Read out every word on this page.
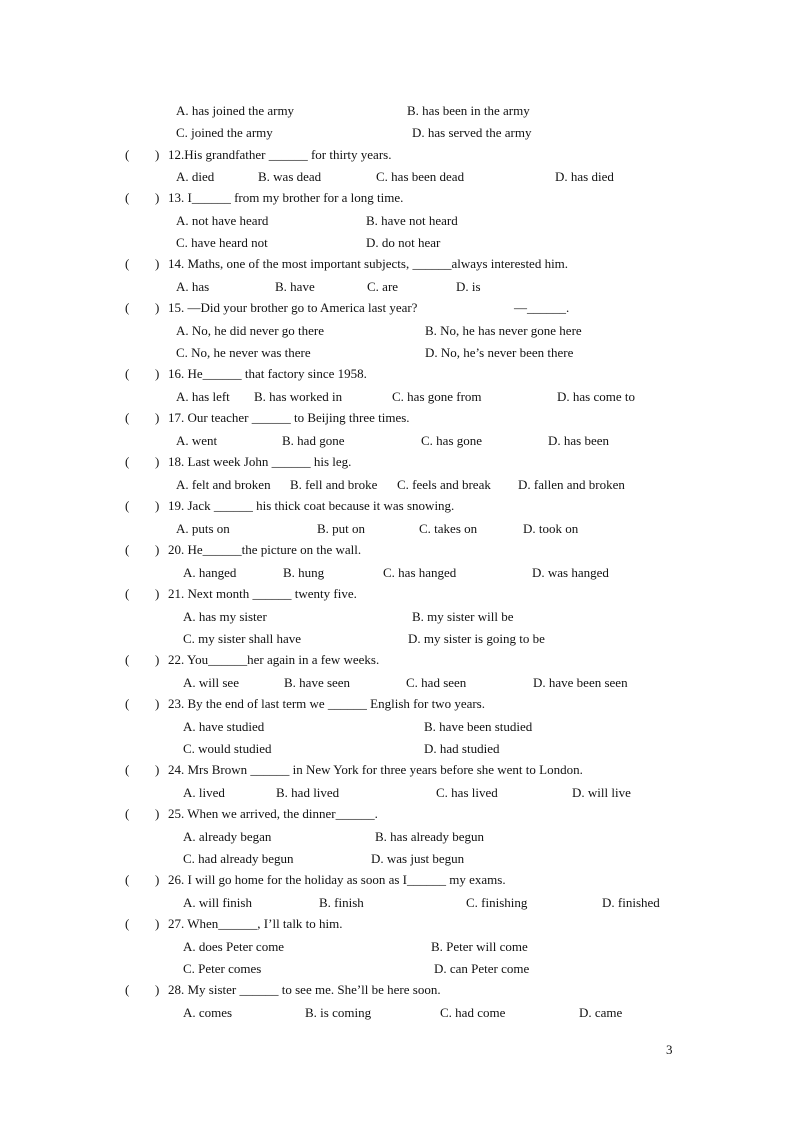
A. has joined the army	B. has been in the army
C. joined the army	D. has served the army
( ) 12.His grandfather ______ for thirty years.
A. died	B. was dead	C. has been dead	D. has died
( ) 13. I______ from my brother for a long time.
A. not have heard	B. have not heard
C. have heard not	D. do not hear
( ) 14. Maths, one of the most important subjects, ______always interested him.
A. has	B. have	C. are	D. is
( ) 15. —Did your brother go to America last year?	—______.
A. No, he did never go there	B. No, he has never gone here
C. No, he never was there	D. No, he’s never been there
( ) 16. He______ that factory since 1958.
A. has left B. has worked in	C. has gone from	D. has come to
( ) 17. Our teacher ______ to Beijing three times.
A. went	B. had gone	C. has gone	D. has been
( ) 18. Last week John ______ his leg.
A. felt and broken B. fell and broke C. feels and break D. fallen and broken
( ) 19. Jack ______ his thick coat because it was snowing.
A. puts on	B. put on	C. takes on	D. took on
( ) 20. He______the picture on the wall.
A. hanged	B. hung	C. has hanged	D. was hanged
( ) 21. Next month ______ twenty five.
A. has my sister	B. my sister will be
C. my sister shall have	D. my sister is going to be
( ) 22. You______her again in a few weeks.
A. will see	B. have seen	C. had seen	D. have been seen
( ) 23. By the end of last term we ______ English for two years.
A. have studied	B. have been studied
C. would studied	D. had studied
( ) 24. Mrs Brown ______ in New York for three years before she went to London.
A. lived	B. had lived	C. has lived	D. will live
( ) 25. When we arrived, the dinner______.
A. already began	B. has already begun
C. had already begun	D. was just begun
( ) 26. I will go home for the holiday as soon as I______ my exams.
A. will finish	B. finish	C. finishing	D. finished
( ) 27. When______, I’ll talk to him.
A. does Peter come	B. Peter will come
C. Peter comes	D. can Peter come
( ) 28. My sister ______ to see me. She’ll be here soon.
A. comes	B. is coming	C. had come	D. came
3
